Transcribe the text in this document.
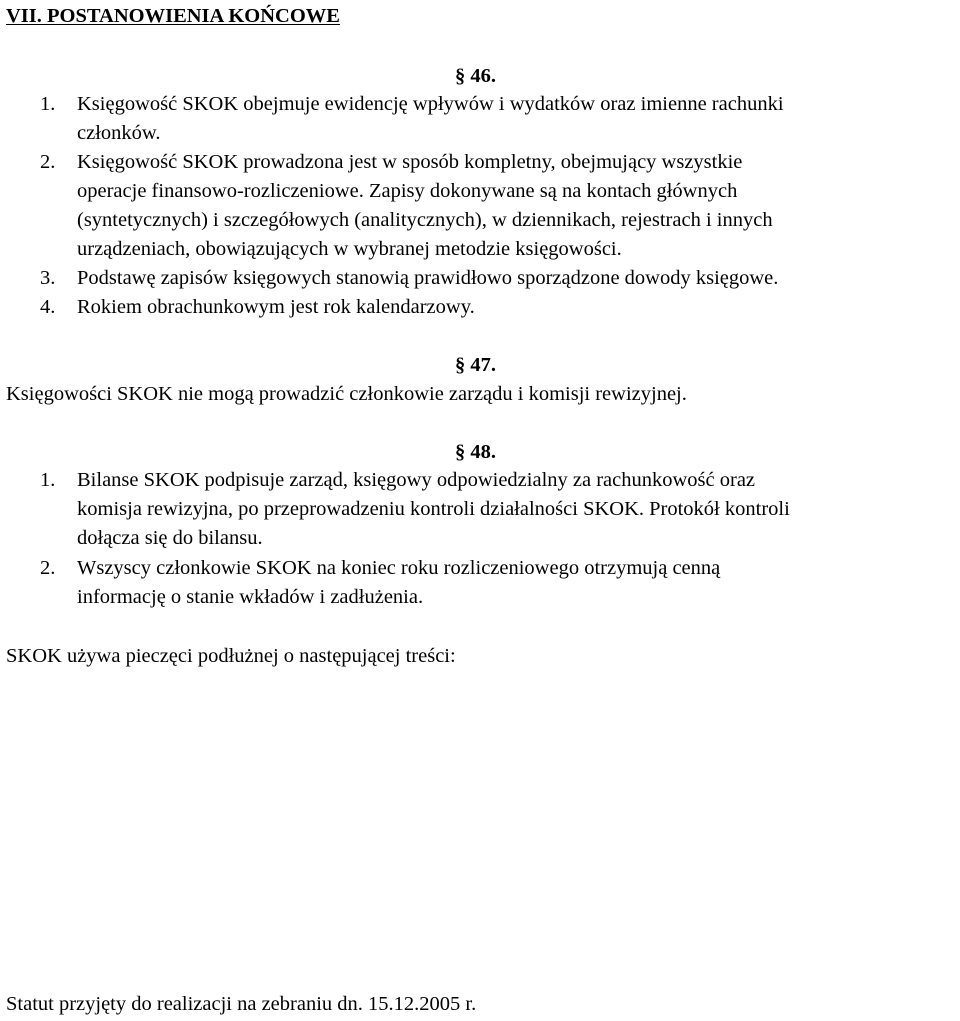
VII. POSTANOWIENIA KOŃCOWE
§ 46.
1. Księgowość SKOK obejmuje ewidencję wpływów i wydatków oraz imienne rachunki
członków.
2. Księgowość SKOK prowadzona jest w sposób kompletny, obejmujący wszystkie
operacje finansowo-rozliczeniowe. Zapisy dokonywane są na kontach głównych
(syntetycznych) i szczegółowych (analitycznych), w dziennikach, rejestrach i innych
urządzeniach, obowiązujących w wybranej metodzie księgowości.
3. Podstawę zapisów księgowych stanowią prawidłowo sporządzone dowody księgowe.
4. Rokiem obrachunkowym jest rok kalendarzowy.
§ 47.
Księgowości SKOK nie mogą prowadzić członkowie zarządu i komisji rewizyjnej.
§ 48.
1. Bilanse SKOK podpisuje zarząd, księgowy odpowiedzialny za rachunkowość oraz
komisja rewizyjna, po przeprowadzeniu kontroli działalności SKOK. Protokół kontroli
dołącza się do bilansu.
2. Wszyscy członkowie SKOK na koniec roku rozliczeniowego otrzymują cenną
informację o stanie wkładów i zadłużenia.
SKOK używa pieczęci podłużnej o następującej treści:
Statut przyjęty do realizacji na zebraniu dn. 15.12.2005 r.
